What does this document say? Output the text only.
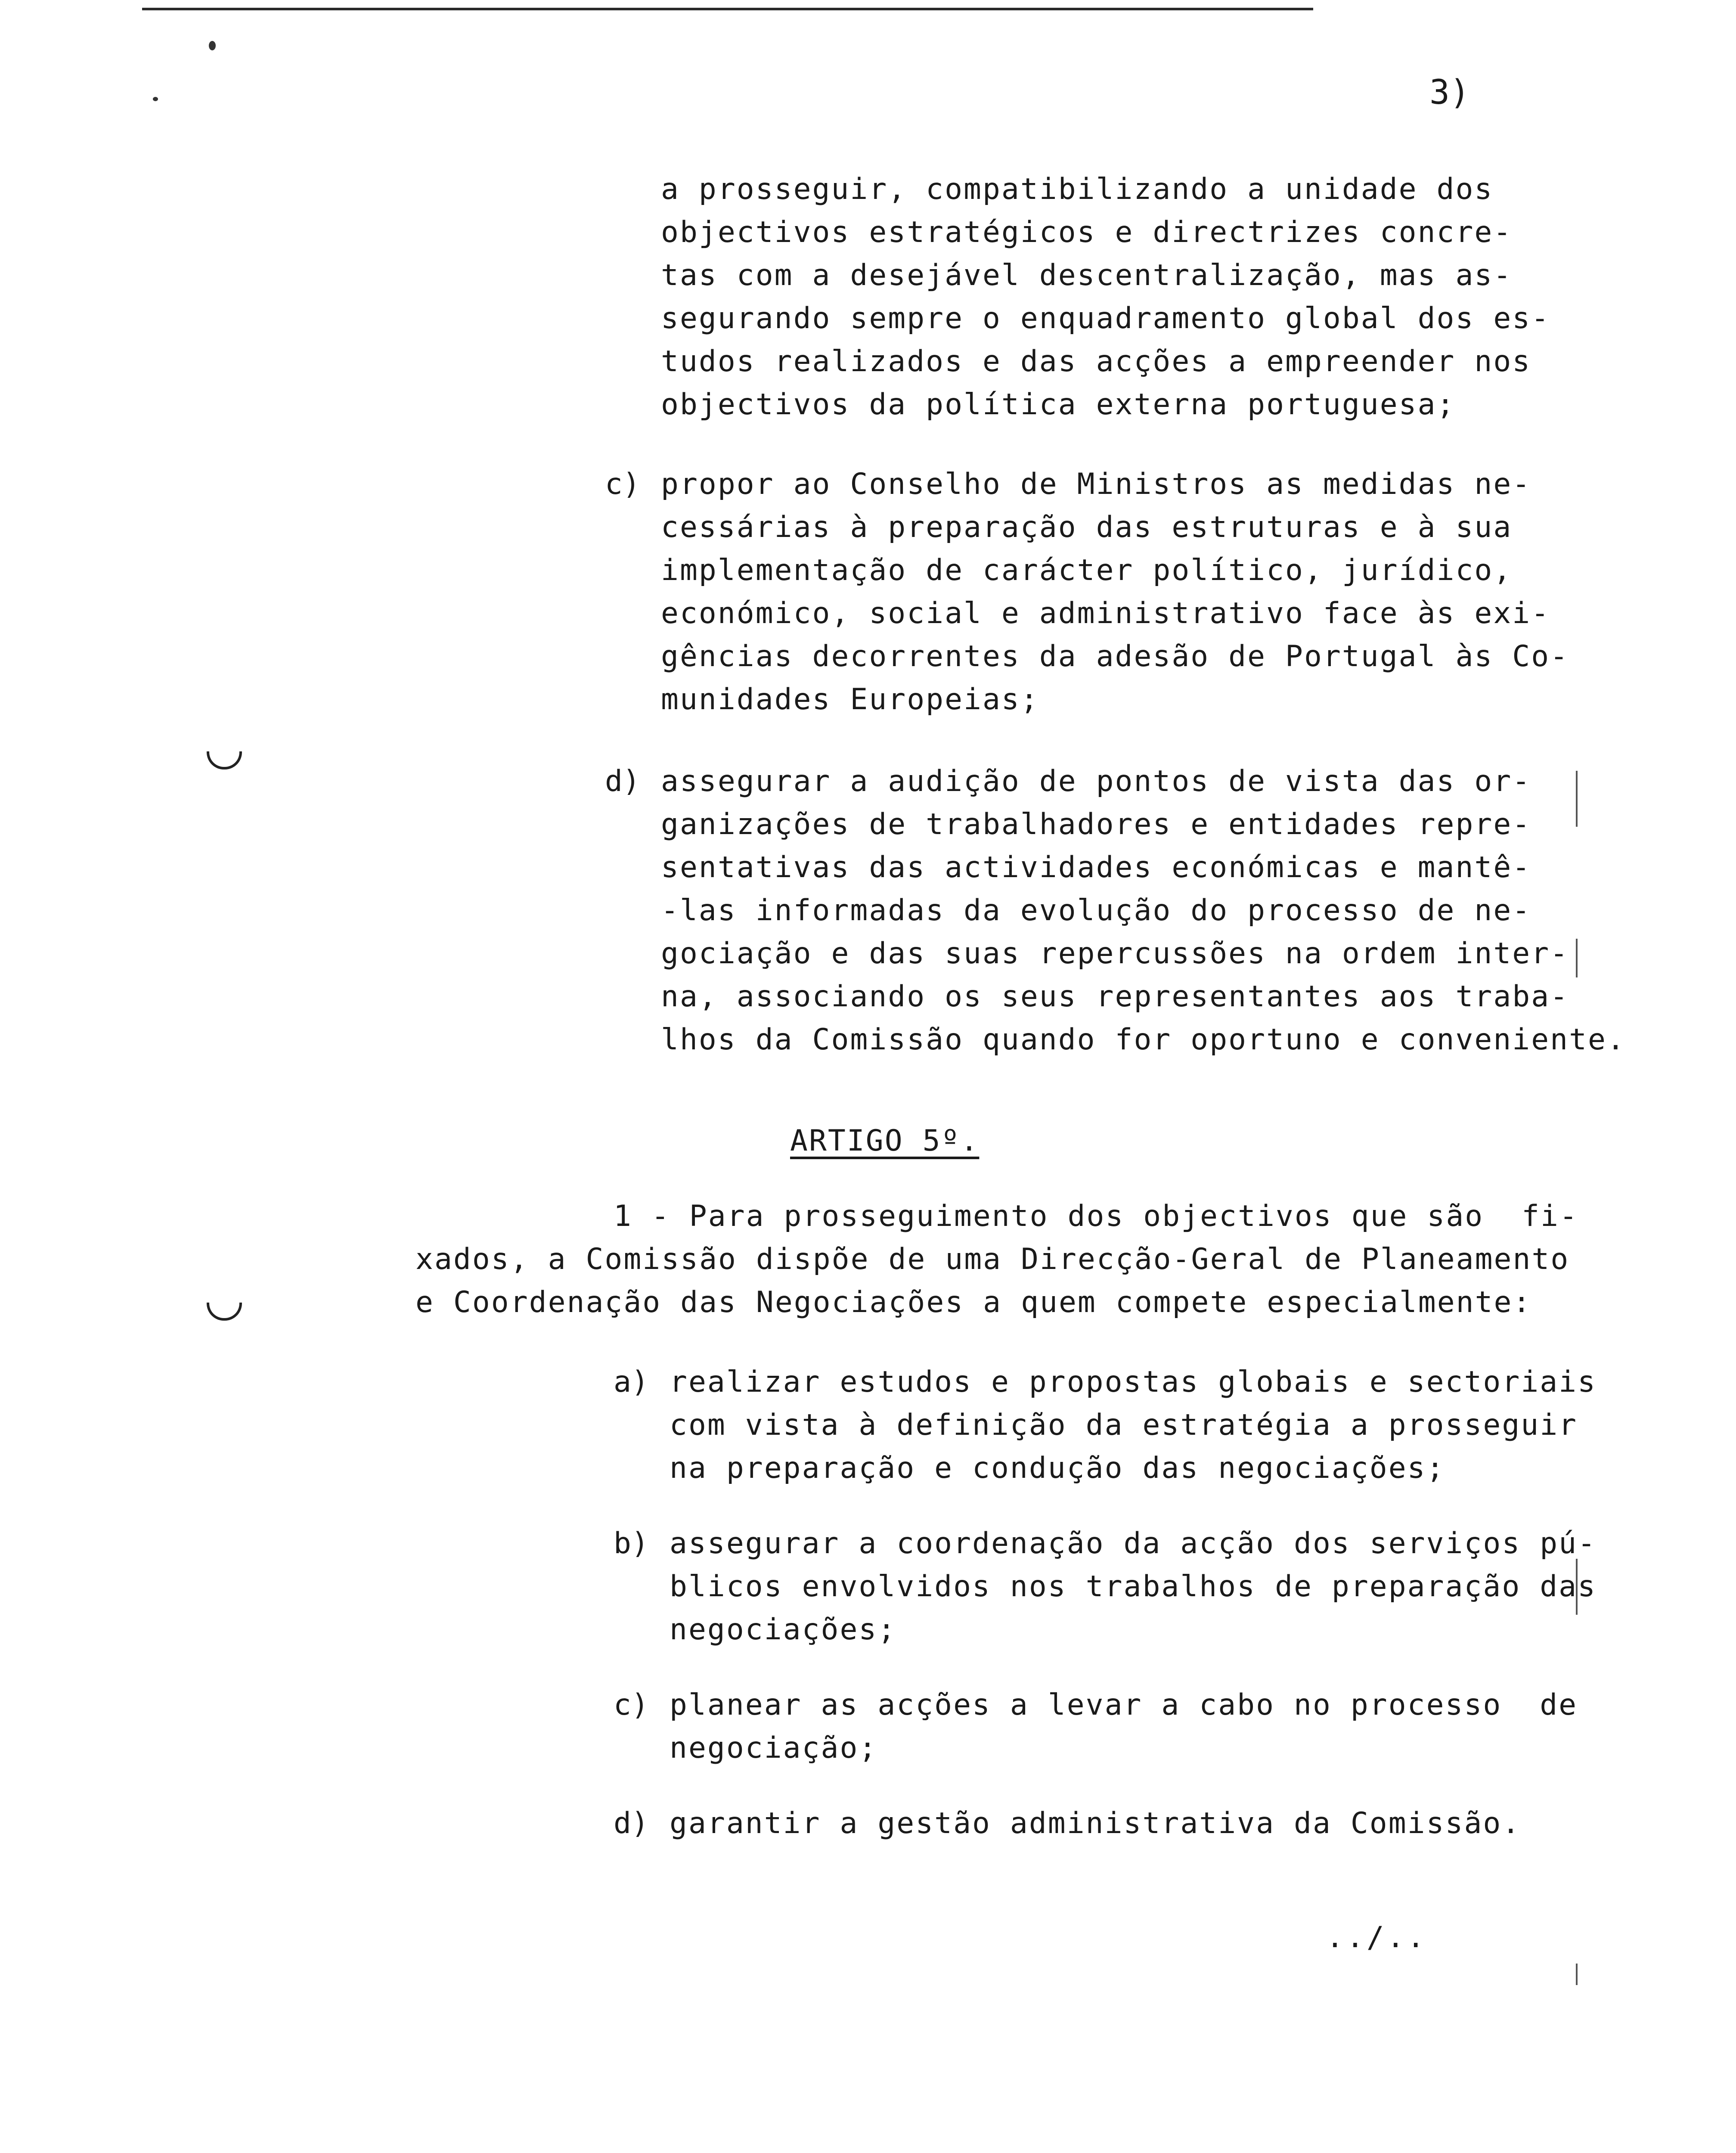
3)
a prosseguir, compatibilizando a unidade dos
objectivos estratégicos e directrizes concre-
tas com a desejável descentralização, mas as-
segurando sempre o enquadramento global dos es-
tudos realizados e das acções a empreender nos
objectivos da política externa portuguesa;
c) propor ao Conselho de Ministros as medidas ne-
cessárias à preparação das estruturas e à sua
implementação de carácter político, jurídico,
económico, social e administrativo face às exi-
gências decorrentes da adesão de Portugal às Co-
munidades Europeias;
d) assegurar a audição de pontos de vista das or-
ganizações de trabalhadores e entidades repre-
sentativas das actividades económicas e mantê-
-las informadas da evolução do processo de ne-
gociação e das suas repercussões na ordem inter-
na, associando os seus representantes aos traba-
lhos da Comissão quando for oportuno e conveniente.
ARTIGO 5º.
1 - Para prosseguimento dos objectivos que são  fi-
xados, a Comissão dispõe de uma Direcção-Geral de Planeamento
e Coordenação das Negociações a quem compete especialmente:
a) realizar estudos e propostas globais e sectoriais
com vista à definição da estratégia a prosseguir
na preparação e condução das negociações;
b) assegurar a coordenação da acção dos serviços pú-
blicos envolvidos nos trabalhos de preparação das
negociações;
c) planear as acções a levar a cabo no processo  de
negociação;
d) garantir a gestão administrativa da Comissão.
../..
